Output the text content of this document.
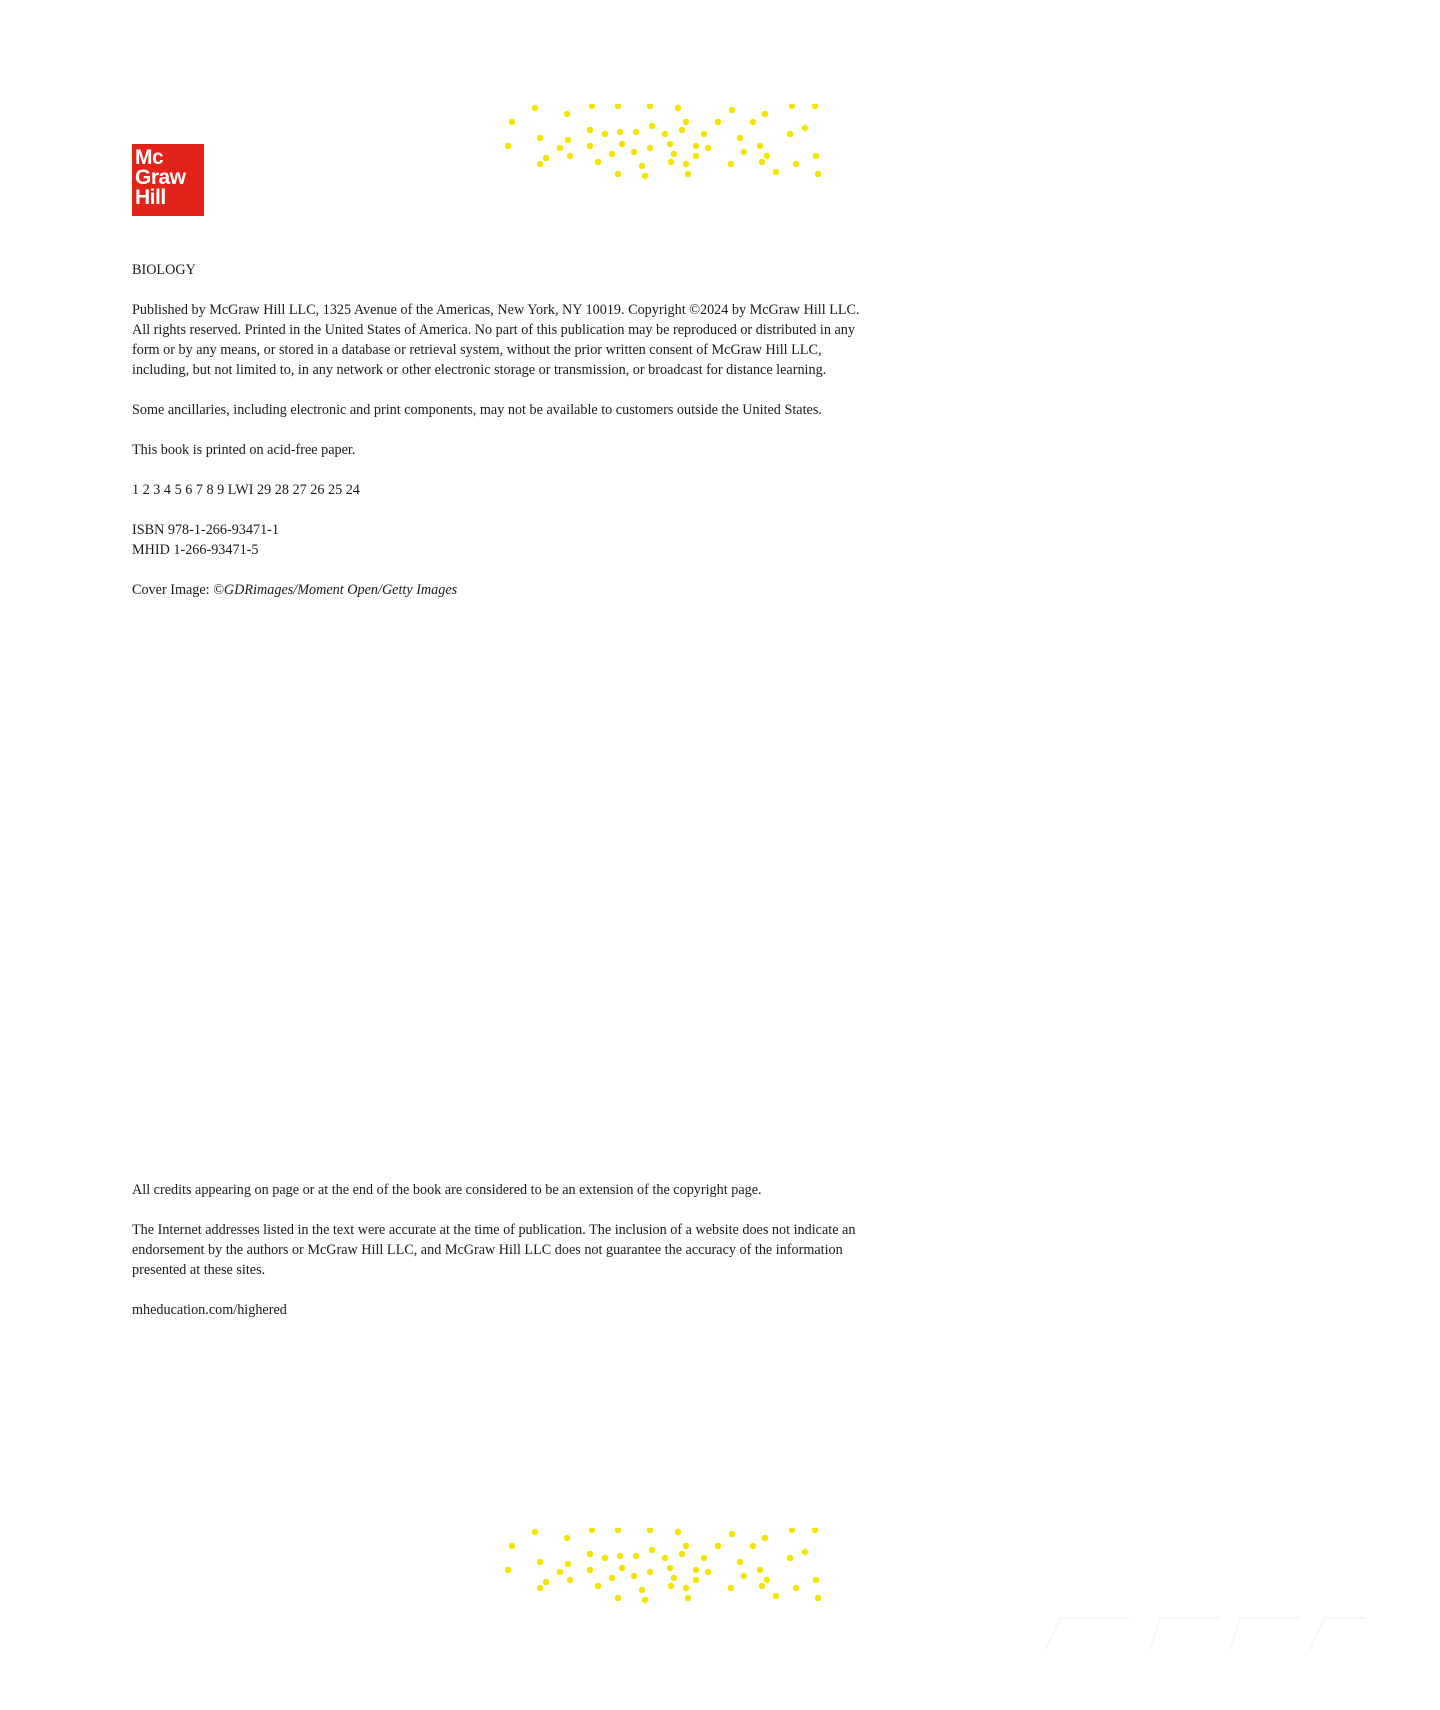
Mc
Graw
Hill

BIOLOGY

Published by McGraw Hill LLC, 1325 Avenue of the Americas, New York, NY 10019. Copyright ©2024 by McGraw Hill LLC. All rights reserved. Printed in the United States of America. No part of this publication may be reproduced or distributed in any form or by any means, or stored in a database or retrieval system, without the prior written consent of McGraw Hill LLC, including, but not limited to, in any network or other electronic storage or transmission, or broadcast for distance learning.

Some ancillaries, including electronic and print components, may not be available to customers outside the United States.

This book is printed on acid-free paper.

1 2 3 4 5 6 7 8 9 LWI 29 28 27 26 25 24

ISBN 978-1-266-93471-1
MHID 1-266-93471-5

Cover Image: ©GDRimages/Moment Open/Getty Images

All credits appearing on page or at the end of the book are considered to be an extension of the copyright page.

The Internet addresses listed in the text were accurate at the time of publication. The inclusion of a website does not indicate an endorsement by the authors or McGraw Hill LLC, and McGraw Hill LLC does not guarantee the accuracy of the information presented at these sites.

mheducation.com/highered
